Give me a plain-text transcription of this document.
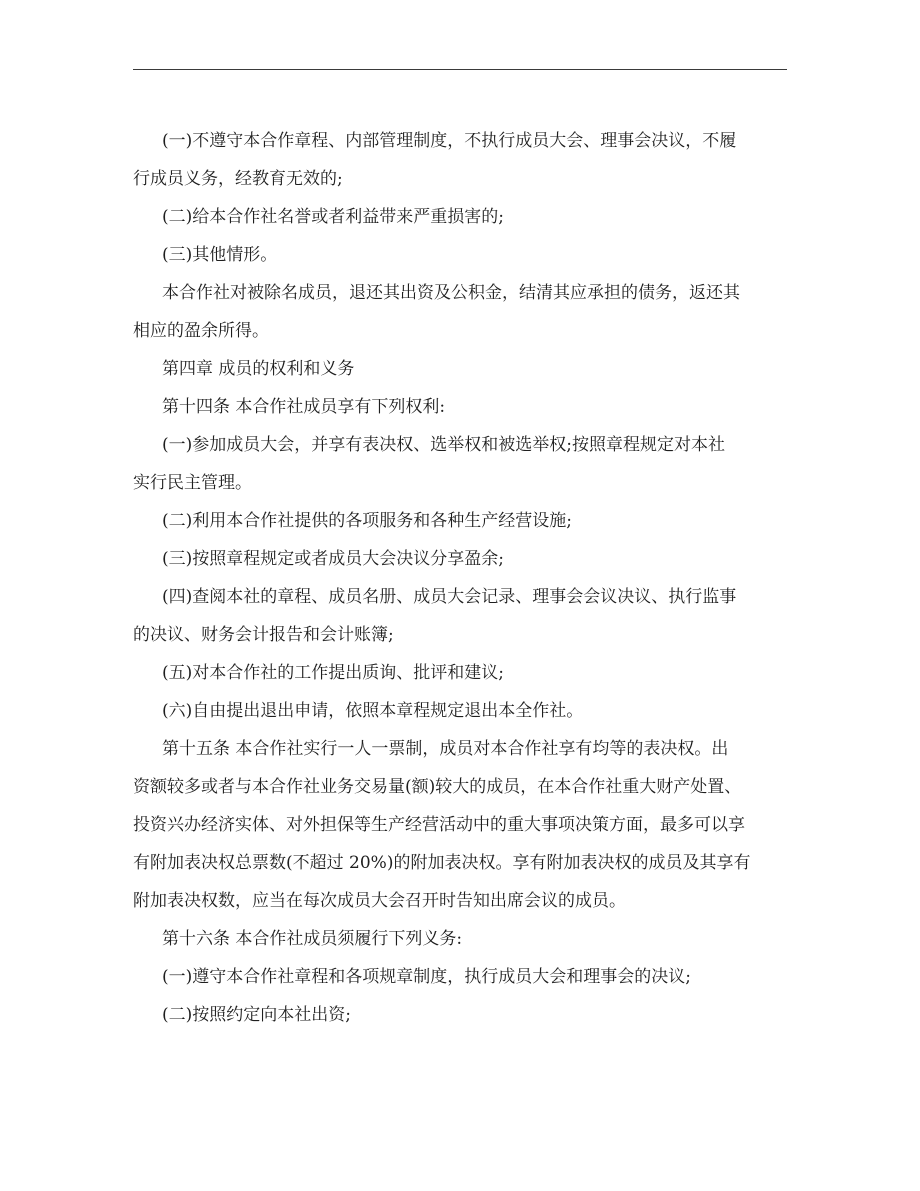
(一)不遵守本合作章程、内部管理制度，不执行成员大会、理事会决议，不履
行成员义务，经教育无效的;

(二)给本合作社名誉或者利益带来严重损害的;

(三)其他情形。

本合作社对被除名成员，退还其出资及公积金，结清其应承担的债务，返还其
相应的盈余所得。

第四章 成员的权利和义务

第十四条 本合作社成员享有下列权利:

(一)参加成员大会，并享有表决权、选举权和被选举权;按照章程规定对本社
实行民主管理。

(二)利用本合作社提供的各项服务和各种生产经营设施;

(三)按照章程规定或者成员大会决议分享盈余;

(四)查阅本社的章程、成员名册、成员大会记录、理事会会议决议、执行监事
的决议、财务会计报告和会计账簿;

(五)对本合作社的工作提出质询、批评和建议;

(六)自由提出退出申请，依照本章程规定退出本全作社。

第十五条 本合作社实行一人一票制，成员对本合作社享有均等的表决权。出
资额较多或者与本合作社业务交易量(额)较大的成员，在本合作社重大财产处置、
投资兴办经济实体、对外担保等生产经营活动中的重大事项决策方面，最多可以享
有附加表决权总票数(不超过 20%)的附加表决权。享有附加表决权的成员及其享有
附加表决权数，应当在每次成员大会召开时告知出席会议的成员。

第十六条 本合作社成员须履行下列义务:

(一)遵守本合作社章程和各项规章制度，执行成员大会和理事会的决议;

(二)按照约定向本社出资;
